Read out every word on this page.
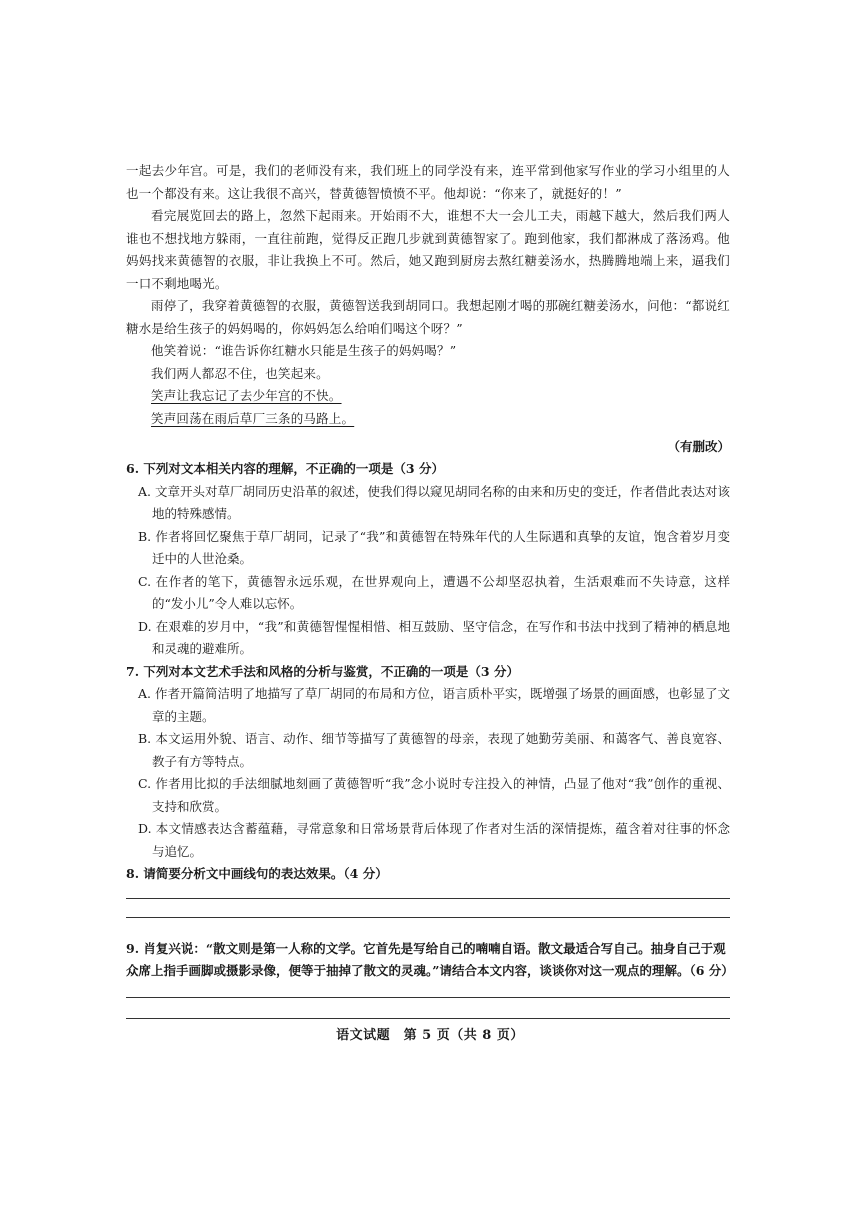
一起去少年宫。可是，我们的老师没有来，我们班上的同学没有来，连平常到他家写作业的学习小组里的人也一个都没有来。这让我很不高兴，替黄德智愤愤不平。他却说：“你来了，就挺好的！”

看完展览回去的路上，忽然下起雨来。开始雨不大，谁想不大一会儿工夫，雨越下越大，然后我们两人谁也不想找地方躲雨，一直往前跑，觉得反正跑几步就到黄德智家了。跑到他家，我们都淋成了落汤鸡。他妈妈找来黄德智的衣服，非让我换上不可。然后，她又跑到厨房去熬红糖姜汤水，热腾腾地端上来，逼我们一口不剩地喝光。

雨停了，我穿着黄德智的衣服，黄德智送我到胡同口。我想起刚才喝的那碗红糖姜汤水，问他：“都说红糖水是给生孩子的妈妈喝的，你妈妈怎么给咱们喝这个呀？”

他笑着说：“谁告诉你红糖水只能是生孩子的妈妈喝？”

我们两人都忍不住，也笑起来。

笑声让我忘记了去少年宫的不快。

笑声回荡在雨后草厂三条的马路上。

（有删改）

6. 下列对文本相关内容的理解，不正确的一项是（3 分）

A. 文章开头对草厂胡同历史沿革的叙述，使我们得以窥见胡同名称的由来和历史的变迁，作者借此表达对该地的特殊感情。

B. 作者将回忆聚焦于草厂胡同，记录了“我”和黄德智在特殊年代的人生际遇和真挚的友谊，饱含着岁月变迁中的人世沧桑。

C. 在作者的笔下，黄德智永远乐观，在世界观向上，遭遇不公却坚忍执着，生活艰难而不失诗意，这样的“发小儿”令人难以忘怀。

D. 在艰难的岁月中，“我”和黄德智惺惺相惜、相互鼓励、坚守信念，在写作和书法中找到了精神的栖息地和灵魂的避难所。

7. 下列对本文艺术手法和风格的分析与鉴赏，不正确的一项是（3 分）

A. 作者开篇简洁明了地描写了草厂胡同的布局和方位，语言质朴平实，既增强了场景的画面感，也彰显了文章的主题。

B. 本文运用外貌、语言、动作、细节等描写了黄德智的母亲，表现了她勤劳美丽、和蔼客气、善良宽容、教子有方等特点。

C. 作者用比拟的手法细腻地刻画了黄德智听“我”念小说时专注投入的神情，凸显了他对“我”创作的重视、支持和欣赏。

D. 本文情感表达含蓄蕴藉，寻常意象和日常场景背后体现了作者对生活的深情提炼，蕴含着对往事的怀念与追忆。

8. 请简要分析文中画线句的表达效果。（4 分）

9. 肖复兴说：“散文则是第一人称的文学。它首先是写给自己的喃喃自语。散文最适合写自己。抽身自己于观众席上指手画脚或摄影录像，便等于抽掉了散文的灵魂。”请结合本文内容，谈谈你对这一观点的理解。（6 分）

语文试题　第 5 页（共 8 页）
